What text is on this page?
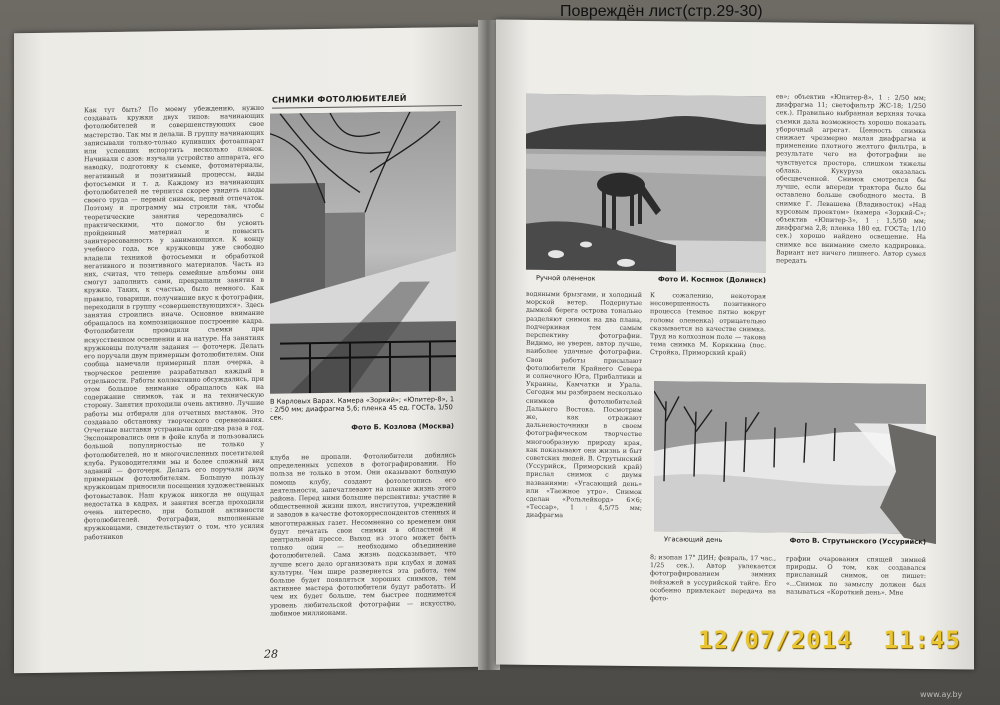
Как тут быть? По моему убеждению, нужно создавать кружки двух типов: начинающих фотолюбителей и совершенствующих свое мастерство. Так мы и делали. В группу начинающих записывали только-только купивших фотоаппарат или успевших испортить несколько пленок. Начинали с азов: изучали устройство аппарата, его наводку, подготовку к съемке, фотоматериалы, негативный и позитивный процессы, виды фотосъемки и т. д. Каждому из начинающих фотолюбителей не терпится скорее увидеть плоды своего труда — первый снимок, первый отпечаток. Поэтому и программу мы строили так, чтобы теоретические занятия чередовались с практическими, что помогло бы усвоить пройденный материал и повысить заинтересованность у занимающихся. К концу учебного года, все кружковцы уже свободно владели техникой фотосъемки и обработкой негативного и позитивного материалов. Часть из них, считая, что теперь семейные альбомы они смогут заполнить сами, прекращали занятия в кружке. Таких, к счастью, было немного. Как правило, товарищи, получившие вкус к фотографии, переходили в группу «совершенствующихся». Здесь занятия строились иначе. Основное внимание обращалось на композиционное построение кадра. Фотолюбители проводили съемки при искусственном освещении и на натуре. На занятиях кружковцы получали задания — фоточерк. Делать его поручали двум примерным фотолюбителям. Они сообща намечали примерный план очерка, а творческое решение разрабатывал каждый в отдельности. Работы коллективно обсуждались, при этом большое внимание обращалось как на содержание снимков, так и на техническую сторону. Занятия проходили очень активно. Лучшие работы мы отбирали для отчетных выставок. Это создавало обстановку творческого соревнования. Отчетные выставки устраивали один-два раза в год. Экспонировались они в фойе клуба и пользовались большой популярностью не только у фотолюбителей, но и многочисленных посетителей клуба. Руководителями мы и более сложный вид заданий — фоточерк. Делать его поручали двум примерным фотолюбителям. Большую пользу кружковцам приносили посещения художественных фотовыставок. Наш кружок никогда не ощущал недостатка в кадрах, и занятия всегда проходили очень интересно, при большой активности фотолюбителей. Фотографии, выполненные кружковцами, свидетельствуют о том, что усилия работников
СНИМКИ ФОТОЛЮБИТЕЛЕЙ
В Карловых Варах. Камера «Зоркий»; «Юпитер-8», 1 : 2/50 мм; диафрагма 5,6; пленка 45 ед. ГОСТа, 1/50 сек.
Фото Б. Козлова (Москва)
клуба не пропали. Фотолюбители добились определенных успехов в фотографировании. Но польза не только в этом. Они оказывают большую помощь клубу, создают фотолетопись его деятельности, запечатлевают на пленке жизнь этого района. Перед ними большие перспективы: участие в общественной жизни школ, институтов, учреждений и заводов в качестве фотокорреспондентов стенных и многотиражных газет. Несомненно со временем они будут печатать свои снимки в областной и центральной прессе. Выход из этого может быть только один — необходимо объединение фотолюбителей. Сама жизнь подсказывает, что лучше всего дело организовать при клубах и домах культуры. Чем шире развернется эта работа, тем больше будет появляться хороших снимков, тем активнее мастера фотолюбители будут работать. И чем их будет больше, тем быстрее поднимется уровень любительской фотографии — искусство, любимое миллионами.
28
Ручной олененок	Фото И. Косянок (Долинск)
ев»; объектив «Юпитер-8», 1 : 2/50 мм; диафрагма 11; светофильтр ЖС-18; 1/250 сек.). Правильно выбранная верхняя точка съемки дала возможность хорошо показать уборочный агрегат. Ценность снимка снижает чрезмерно малая диафрагма и применение плотного желтого фильтра, в результате чего на фотографии не чувствуется простора, слишком тяжелы облака. Кукуруза оказалась обесцвеченной. Снимок смотрелся бы лучше, если впереди трактора было бы оставлено больше свободного места. В снимке Г. Левашева (Владивосток) «Над курсовым проектом» (камера «Зоркий-С»; объектив «Юпитер-3», 1 : 1,5/50 мм; диафрагма 2,8; пленка 180 ед. ГОСТа; 1/10 сек.) хорошо найдено освещение. На снимке все внимание смело кадрировка. Вариант нет ничего лишнего. Автор сумел передать
водяными брызгами, и холодный морской ветер. Подернутые дымкой берега острова тонально разделяют снимок на два плана, подчеркивая тем самым перспективу фотографии. Видимо, не уверен, автор лучше, наиболее удачные фотографии. Свои работы присылают фотолюбители Крайнего Севера и солнечного Юга, Прибалтики и Украины, Камчатки и Урала. Сегодня мы разбираем несколько снимков фотолюбителей Дальнего Востока. Посмотрим же, как отражают дальневосточники в своем фотографическом творчестве многообразную природу края, как показывают они жизнь и быт советских людей. В. Струтынский (Уссурийск, Приморский край) прислал снимок с двумя названиями: «Угасающий день» или «Таежное утро». Снимок сделан «Рольлейкорд» 6×6; «Тессар», 1 : 4,5/75 мм; диафрагма
К сожалению, некоторая несовершенность позитивного процесса (темное пятно вокруг головы олененка) отрицательно сказывается на качестве снимка. Труд на колхозном поле — такова тема снимка М. Корякина (пос. Стройка, Приморский край)
Угасающий день	Фото В. Струтынского (Уссурийск)
8; изопан 17° ДИН; февраль, 17 час., 1/25 сек.). Автор увлекается фотографированием зимних пейзажей в уссурийской тайге. Его особенно привлекает передача на фото-
графии очарования спящей зимней природы. О том, как создавался присланный снимок, он пишет: «...Снимок по замыслу должен был называться «Короткий день». Мне
Повреждён лист(стр.29-30)
12/07/2014  11:45
www.ay.by
